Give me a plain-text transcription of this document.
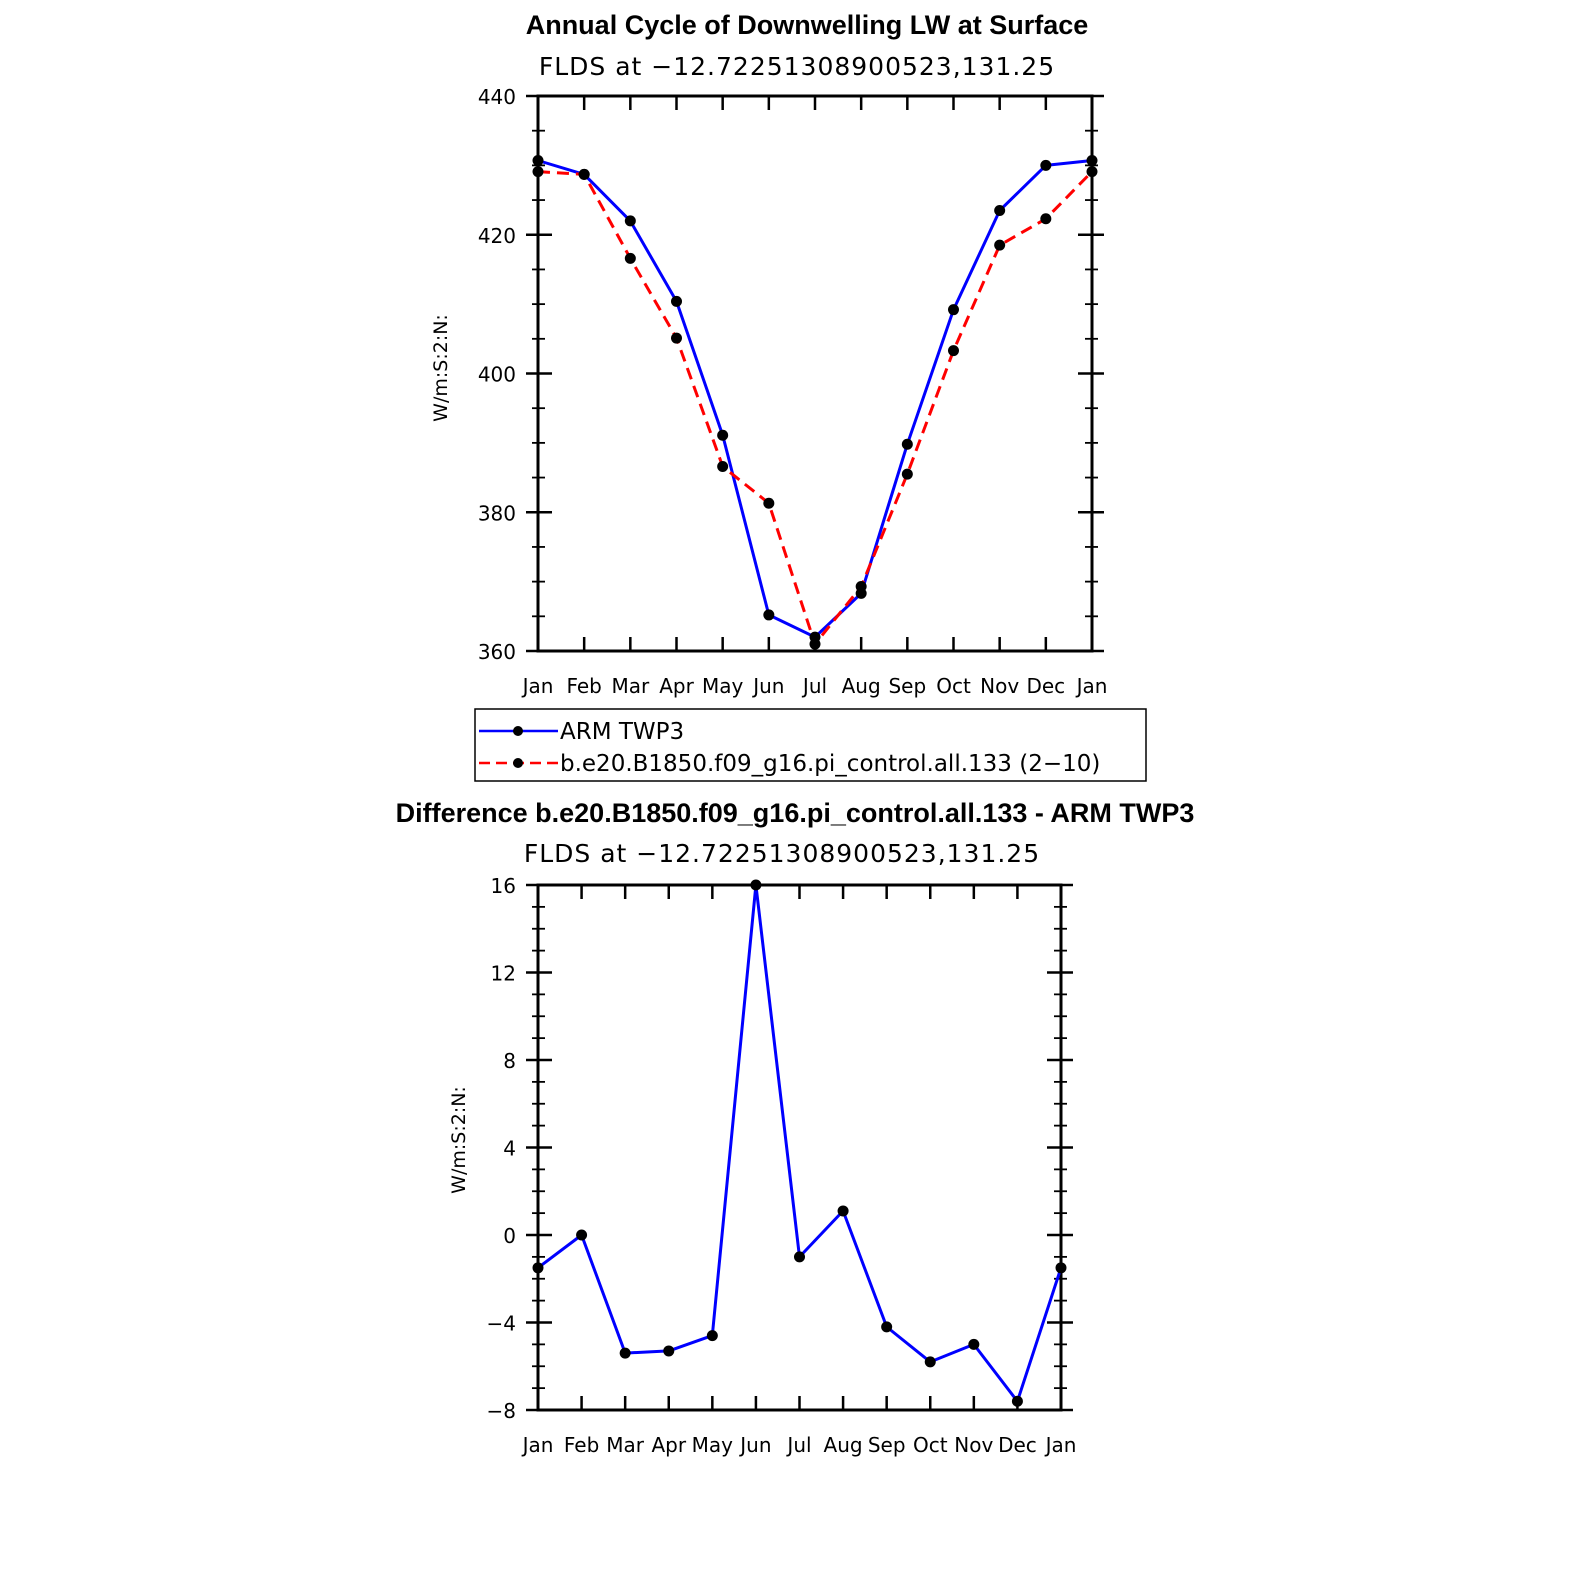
Annual Cycle of Downwelling LW at Surface
FLDS at −12.72251308900523,131.25
W/m:S:2:N:
Jan Feb Mar Apr May Jun Jul Aug Sep Oct Nov Dec Jan
360
380
400
420
440
ARM TWP3
b.e20.B1850.f09_g16.pi_control.all.133 (2−10)
Difference b.e20.B1850.f09_g16.pi_control.all.133 - ARM TWP3
FLDS at −12.72251308900523,131.25
W/m:S:2:N:
Jan Feb Mar Apr May Jun Jul Aug Sep Oct Nov Dec Jan
−8
−4
0
4
8
12
16
